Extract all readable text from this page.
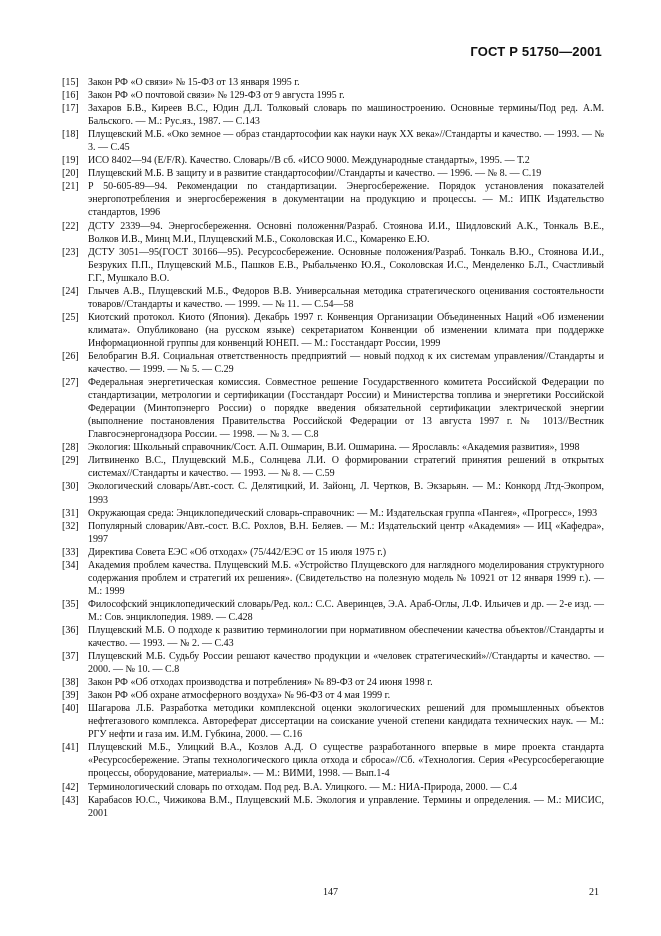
ГОСТ Р 51750—2001
[15] Закон РФ «О связи» № 15-ФЗ от 13 января 1995 г.
[16] Закон РФ «О почтовой связи» № 129-ФЗ от 9 августа 1995 г.
[17] Захаров Б.В., Киреев В.С., Юдин Д.Л. Толковый словарь по машиностроению. Основные термины/Под ред. А.М. Бальского. — М.: Рус.яз., 1987. — С.143
[18] Плущевский М.Б. «Око земное — образ стандартософии как науки наук XX века»//Стандарты и качество. — 1993. — № 3. — С.45
[19] ИСО 8402—94 (E/F/R). Качество. Словарь//В сб. «ИСО 9000. Международные стандарты», 1995. — Т.2
[20] Плущевский М.Б. В защиту и в развитие стандартософии//Стандарты и качество. — 1996. — № 8. — С.19
[21] Р 50-605-89—94. Рекомендации по стандартизации. Энергосбережение. Порядок установления показателей энергопотребления и энергосбережения в документации на продукцию и процессы. — М.: ИПК Издательство стандартов, 1996
[22] ДСТУ 2339—94. Энергосбереження. Основнi положення/Разраб. Стоянова И.И., Шидловский А.К., Тонкаль В.Е., Волков И.В., Минц М.И., Плущевский М.Б., Соколовская И.С., Комаренко Е.Ю.
[23] ДСТУ 3051—95(ГОСТ 30166—95). Ресурсосбережение. Основные положения/Разраб. Тонкаль В.Ю., Стоянова И.И., Безруких П.П., Плущевский М.Б., Пашков Е.В., Рыбальченко Ю.Я., Соколовская И.С., Менделенко Б.Л., Счастливый Г.Г., Мушкало В.О.
[24] Глычев А.В., Плущевский М.Б., Федоров В.В. Универсальная методика стратегического оценивания состоятельности товаров//Стандарты и качество. — 1999. — № 11. — С.54—58
[25] Киотский протокол. Киото (Япония). Декабрь 1997 г. Конвенция Организации Объединенных Наций «Об изменении климата». Опубликовано (на русском языке) секретариатом Конвенции об изменении климата при поддержке Информационной группы для конвенций ЮНЕП. — М.: Госстандарт России, 1999
[26] Белобрагин В.Я. Социальная ответственность предприятий — новый подход к их системам управления//Стандарты и качество. — 1999. — № 5. — С.29
[27] Федеральная энергетическая комиссия. Совместное решение Государственного комитета Российской Федерации по стандартизации, метрологии и сертификации (Госстандарт России) и Министерства топлива и энергетики Российской Федерации (Минтопэнерго России) о порядке введения обязательной сертификации электрической энергии (выполнение постановления Правительства Российской Федерации от 13 августа 1997 г. № 1013//Вестник Главгосэнергонадзора России. — 1998. — № 3. — С.8
[28] Экология: Школьный справочник/Сост. А.П. Ошмарин, В.И. Ошмарина. — Ярославль: «Академия развития», 1998
[29] Литвиненко В.С., Плущевский М.Б., Солнцева Л.И. О формировании стратегий принятия решений в открытых системах//Стандарты и качество. — 1993. — № 8. — С.59
[30] Экологический словарь/Авт.-сост. С. Делятицкий, И. Зайонц, Л. Чертков, В. Экзарьян. — М.: Конкорд Лтд-Экопром, 1993
[31] Окружающая среда: Энциклопедический словарь-справочник: — М.: Издательская группа «Пангея», «Прогресс», 1993
[32] Популярный словарик/Авт.-сост. В.С. Рохлов, В.Н. Беляев. — М.: Издательский центр «Академия» — ИЦ «Кафедра», 1997
[33] Директива Совета ЕЭС «Об отходах» (75/442/ЕЭС от 15 июля 1975 г.)
[34] Академия проблем качества. Плущевский М.Б. «Устройство Плущевского для наглядного моделирования структурного содержания проблем и стратегий их решения». (Свидетельство на полезную модель № 10921 от 12 января 1999 г.). — М.: 1999
[35] Философский энциклопедический словарь/Ред. кол.: С.С. Аверинцев, Э.А. Араб-Оглы, Л.Ф. Ильичев и др. — 2-е изд. — М.: Сов. энциклопедия. 1989. — С.428
[36] Плущевский М.Б. О подходе к развитию терминологии при нормативном обеспечении качества объектов//Стандарты и качество. — 1993. — № 2. — С.43
[37] Плущевский М.Б. Судьбу России решают качество продукции и «человек стратегический»//Стандарты и качество. — 2000. — № 10. — С.8
[38] Закон РФ «Об отходах производства и потребления» № 89-ФЗ от 24 июня 1998 г.
[39] Закон РФ «Об охране атмосферного воздуха» № 96-ФЗ от 4 мая 1999 г.
[40] Шагарова Л.Б. Разработка методики комплексной оценки экологических решений для промышленных объектов нефтегазового комплекса. Автореферат диссертации на соискание ученой степени кандидата технических наук. — М.: РГУ нефти и газа им. И.М. Губкина, 2000. — С.16
[41] Плущевский М.Б., Улицкий В.А., Козлов А.Д. О существе разработанного впервые в мире проекта стандарта «Ресурсосбережение. Этапы технологического цикла отхода и сброса»//Сб. «Технология. Серия «Ресурсосберегающие процессы, оборудование, материалы». — М.: ВИМИ, 1998. — Вып.1-4
[42] Терминологический словарь по отходам. Под ред. В.А. Улицкого. — М.: НИА-Природа, 2000. — С.4
[43] Карабасов Ю.С., Чижикова В.М., Плущевский М.Б. Экология и управление. Термины и определения. — М.: МИСИС, 2001
147	21
